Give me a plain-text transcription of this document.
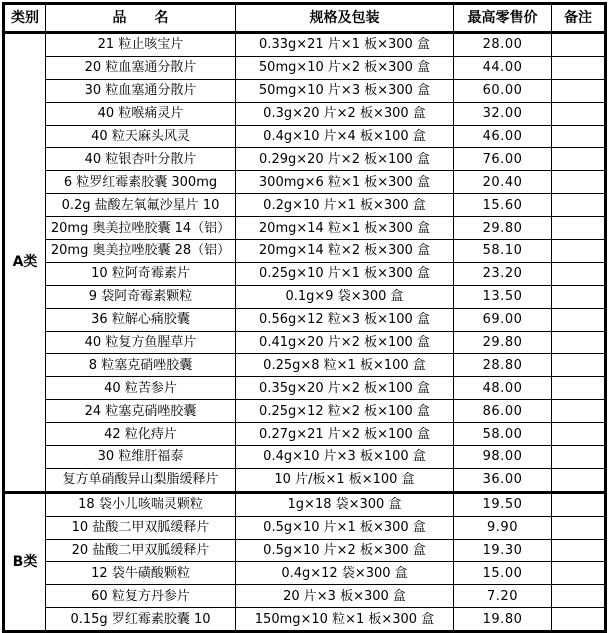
类别	品　　名	规格及包装	最高零售价	备注
A类	21 粒止咳宝片	0.33g×21 片×1 板×300 盒	28.00	
	20 粒血塞通分散片	50mg×10 片×2 板×300 盒	44.00	
	30 粒血塞通分散片	50mg×10 片×3 板×300 盒	60.00	
	40 粒喉痛灵片	0.3g×20 片×2 板×300 盒	32.00	
	40 粒天麻头风灵	0.4g×10 片×4 板×100 盒	46.00	
	40 粒银杏叶分散片	0.29g×20 片×2 板×100 盒	76.00	
	6 粒罗红霉素胶囊 300mg	300mg×6 粒×1 板×300 盒	20.40	
	0.2g 盐酸左氧氟沙星片 10	0.2g×10 片×1 板×300 盒	15.60	
	20mg 奥美拉唑胶囊 14（铝）	20mg×14 粒×1 板×300 盒	29.80	
	20mg 奥美拉唑胶囊 28（铝）	20mg×14 粒×2 板×300 盒	58.10	
	10 粒阿奇霉素片	0.25g×10 片×1 板×300 盒	23.20	
	9 袋阿奇霉素颗粒	0.1g×9 袋×300 盒	13.50	
	36 粒解心痛胶囊	0.56g×12 粒×3 板×100 盒	69.00	
	40 粒复方鱼腥草片	0.41g×20 片×2 板×100 盒	29.80	
	8 粒塞克硝唑胶囊	0.25g×8 粒×1 板×100 盒	28.80	
	40 粒苦参片	0.35g×20 片×2 板×100 盒	48.00	
	24 粒塞克硝唑胶囊	0.25g×12 粒×2 板×100 盒	86.00	
	42 粒化痔片	0.27g×21 片×2 板×100 盒	58.00	
	30 粒维肝福泰	0.4g×10 片×3 板×100 盒	98.00	
	复方单硝酸异山梨脂缓释片	10 片/板×1 板×100 盒	36.00	
B类	18 袋小儿咳喘灵颗粒	1g×18 袋×300 盒	19.50	
	10 盐酸二甲双胍缓释片	0.5g×10 片×1 板×300 盒	9.90	
	20 盐酸二甲双胍缓释片	0.5g×10 片×2 板×300 盒	19.30	
	12 袋牛磺酸颗粒	0.4g×12 袋×300 盒	15.00	
	60 粒复方丹参片	20 片×3 板×300 盒	7.20	
	0.15g 罗红霉素胶囊 10	150mg×10 粒×1 板×300 盒	19.80	
